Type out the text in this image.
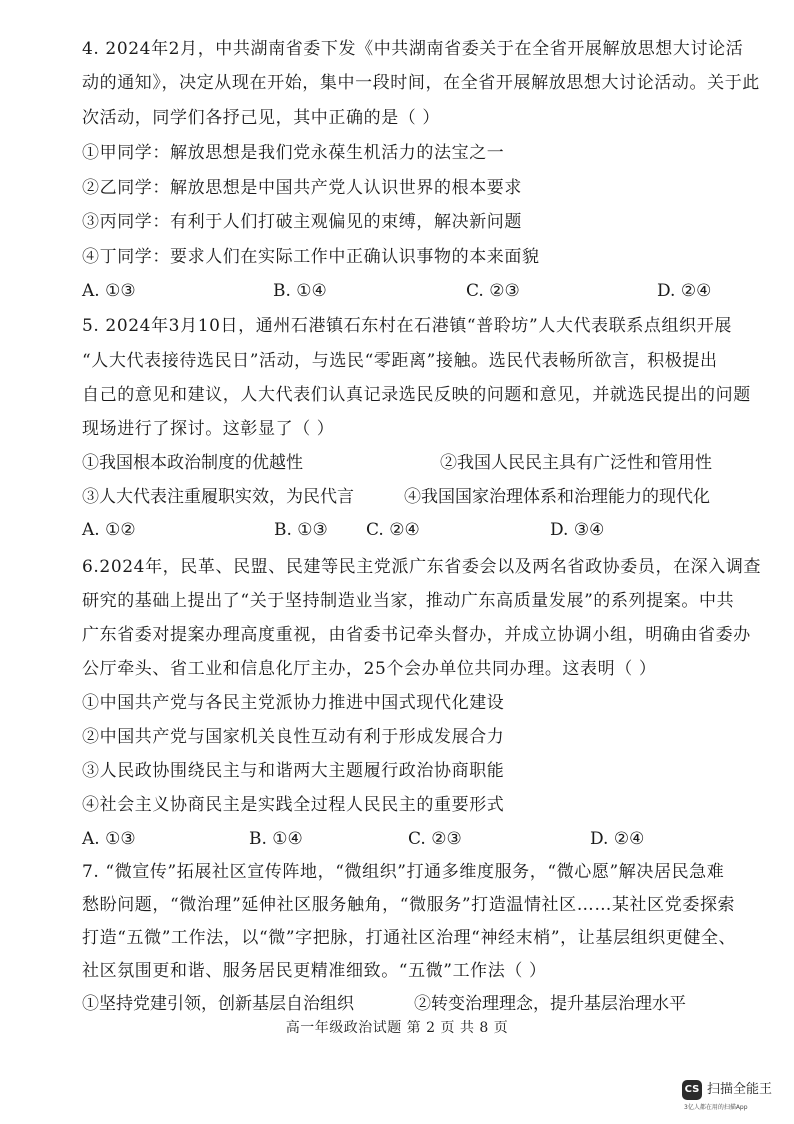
4. 2024年2月，中共湖南省委下发《中共湖南省委关于在全省开展解放思想大讨论活
动的通知》，决定从现在开始，集中一段时间，在全省开展解放思想大讨论活动。关于此
次活动，同学们各抒己见，其中正确的是（ ）
①甲同学：解放思想是我们党永葆生机活力的法宝之一
②乙同学：解放思想是中国共产党人认识世界的根本要求
③丙同学：有利于人们打破主观偏见的束缚，解决新问题
④丁同学：要求人们在实际工作中正确认识事物的本来面貌
A. ①③	B. ①④	C. ②③	D. ②④
5. 2024年3月10日，通州石港镇石东村在石港镇“普聆坊”人大代表联系点组织开展
“人大代表接待选民日”活动，与选民“零距离”接触。选民代表畅所欲言，积极提出
自己的意见和建议，人大代表们认真记录选民反映的问题和意见，并就选民提出的问题
现场进行了探讨。这彰显了（ ）
①我国根本政治制度的优越性	②我国人民民主具有广泛性和管用性
③人大代表注重履职实效，为民代言	④我国国家治理体系和治理能力的现代化
A. ①②	B. ①③ C. ②④	D. ③④
6.2024年，民革、民盟、民建等民主党派广东省委会以及两名省政协委员，在深入调查
研究的基础上提出了“关于坚持制造业当家，推动广东高质量发展”的系列提案。中共
广东省委对提案办理高度重视，由省委书记牵头督办，并成立协调小组，明确由省委办
公厅牵头、省工业和信息化厅主办，25个会办单位共同办理。这表明（ ）
①中国共产党与各民主党派协力推进中国式现代化建设
②中国共产党与国家机关良性互动有利于形成发展合力
③人民政协围绕民主与和谐两大主题履行政治协商职能
④社会主义协商民主是实践全过程人民民主的重要形式
A. ①③	B. ①④	C. ②③	D. ②④
7. “微宣传”拓展社区宣传阵地，“微组织”打通多维度服务，“微心愿”解决居民急难
愁盼问题，“微治理”延伸社区服务触角，“微服务”打造温情社区……某社区党委探索
打造“五微”工作法，以“微”字把脉，打通社区治理“神经末梢”，让基层组织更健全、
社区氛围更和谐、服务居民更精准细致。“五微”工作法（ ）
①坚持党建引领，创新基层自治组织	②转变治理理念，提升基层治理水平
高一年级政治试题 第 2 页 共 8 页
CS 扫描全能王
3亿人都在用的扫描App
